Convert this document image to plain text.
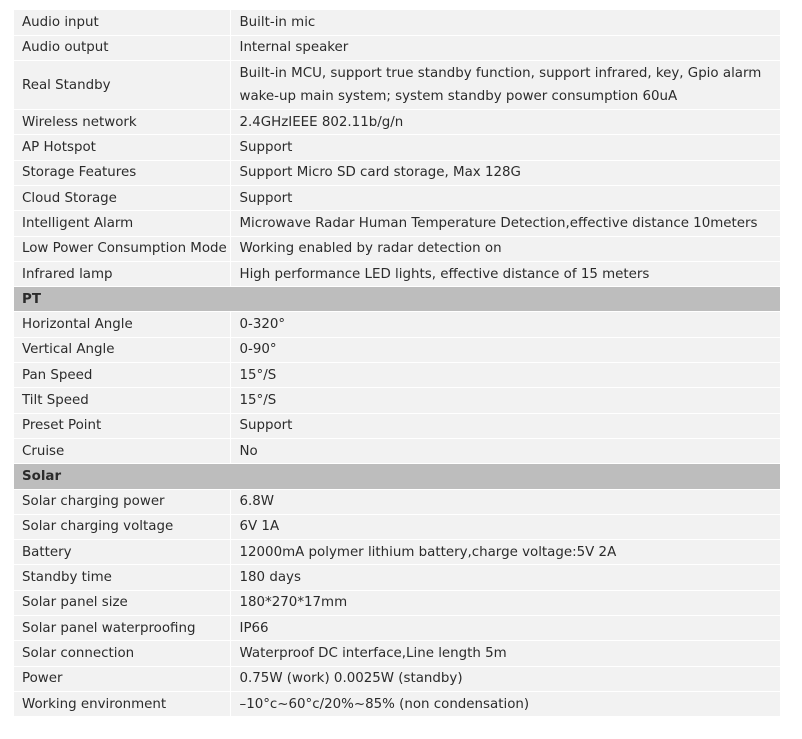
Audio input	Built-in mic
Audio output	Internal speaker
Real Standby	Built-in MCU, support true standby function, support infrared, key, Gpio alarm wake-up main system; system standby power consumption 60uA
Wireless network	2.4GHzIEEE 802.11b/g/n
AP Hotspot	Support
Storage Features	Support Micro SD card storage, Max 128G
Cloud Storage	Support
Intelligent Alarm	Microwave Radar Human Temperature Detection,effective distance 10meters
Low Power Consumption Mode	Working enabled by radar detection on
Infrared lamp	High performance LED lights, effective distance of 15 meters
PT	
Horizontal Angle	0-320°
Vertical Angle	0-90°
Pan Speed	15°/S
Tilt Speed	15°/S
Preset Point	Support
Cruise	No
Solar	
Solar charging power	6.8W
Solar charging voltage	6V 1A
Battery	12000mA polymer lithium battery,charge voltage:5V 2A
Standby time	180 days
Solar panel size	180*270*17mm
Solar panel waterproofing	IP66
Solar connection	Waterproof DC interface,Line length 5m
Power	0.75W (work) 0.0025W (standby)
Working environment	–10°c~60°c/20%~85% (non condensation)
